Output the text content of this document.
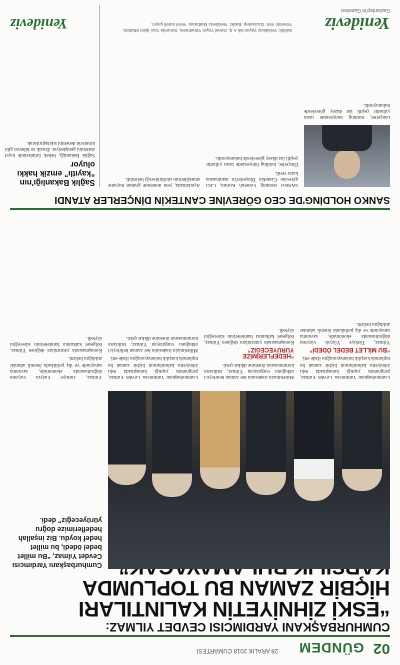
02
GÜNDEM
28 ARALIK 2018 CUMARTESİ
CUMHURBAŞKANI YARDIMCISI CEVDET YILMAZ:
“ESKİ ZİHNİYETİN KALINTILARI HİÇBİR ZAMAN BU TOPLUMDA
Cumhurbaşkanı Yardımcısı Cevdet Yılmaz, “Bu millet bedel ödedi, bu millet hedef koydu. Biz inşallah hedeflerimize doğru yürüyeceğiz” dedi.

Cumhurbaşkanı Yardımcısı Cevdet Yılmaz, programda yaptığı konuşmada eski zihniyetin kalıntılarının hiçbir zaman bu toplumda karşılık bulamayacağını ifade etti.

“BU MİLLET BEDEL ÖDEDİ”

Yılmaz, Türkiye Yüzyılı vizyonu doğrultusunda ekonomide, savunma sanayinde ve dış politikada önemli adımlar atıldığını belirtti.

Milletimizin iradesinin her zaman belirleyici olduğunu vurgulayan Yılmaz, istikrarın korunmasının önemine dikkat çekti.

“HEDEFLERİMİZE YÜRÜYECEĞİZ”

Konuşmasında yatırımlara değinen Yılmaz, bölgesel kalkınma hamlelerinin süreceğini söyledi.

Cumhurbaşkanı Yardımcısı Cevdet Yılmaz, programda yaptığı konuşmada eski zihniyetin kalıntılarının hiçbir zaman bu toplumda karşılık bulamayacağını ifade etti.

Milletimizin iradesinin her zaman belirleyici olduğunu vurgulayan Yılmaz, istikrarın korunmasının önemine dikkat çekti.

Yılmaz, Türkiye Yüzyılı vizyonu doğrultusunda ekonomide, savunma sanayinde ve dış politikada önemli adımlar atıldığını belirtti.

Konuşmasında yatırımlara değinen Yılmaz, bölgesel kalkınma hamlelerinin süreceğini söyledi.

SANKO HOLDİNG'DE CEO GÖREVİNE CANTEKİN DİNÇERLER ATANDI

SANKO Holding Yönetim Kurulu, CEO görevine Cantekin Dinçerler'in atanmasına karar verdi.

Dinçerler, holding bünyesinde uzun yıllardır çeşitli üst düzey görevlerde bulunuyordu.

Açıklamada, yeni dönemde grubun büyüme stratejilerinin sürdürüleceği belirtildi.

Dinçerler, holding bünyesinde uzun yıllardır çeşitli üst düzey görevlerde bulunuyordu.

Sağlık Bakanlığı'nın “kayıtlı” emzik hakkı oluyor
Sağlık Bakanlığı, bebek ürünlerinde kayıt sistemini genişletiyor. Emzik ve biberon gibi ürünlerin denetimi sıkılaştırılacak.
Yenideviz
Gaziantep'in Gazetesi
Sahibi: Yenideviz Yayıncılık A.Ş. Genel Yayın Yönetmeni, Sorumlu Yazı İşleri Müdürü. Yönetim Yeri: Gaziantep. Baskı: Yenideviz Matbaası. Yerel süreli yayın.
Yenideviz
